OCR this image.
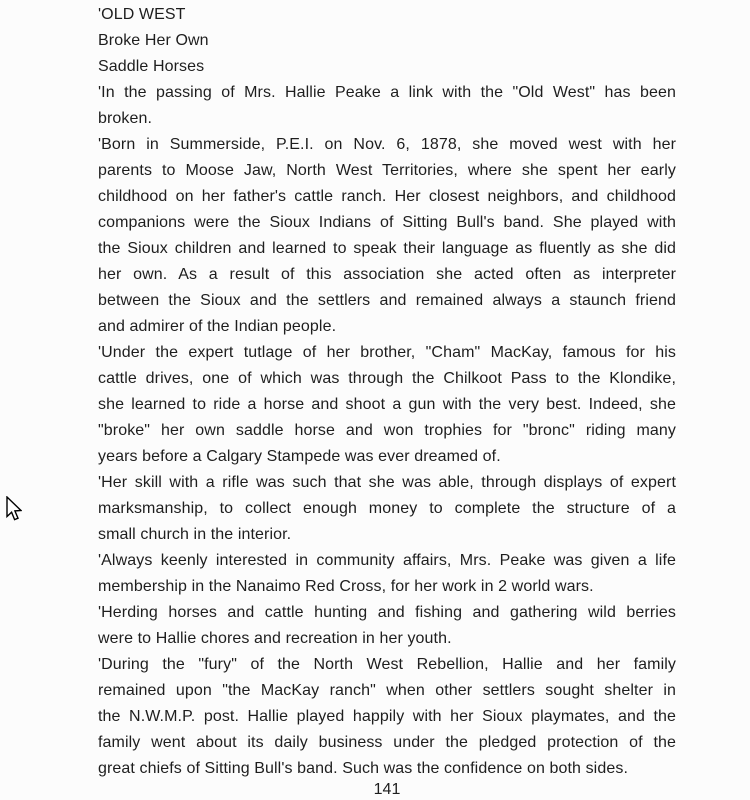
'OLD WEST
Broke Her Own
Saddle Horses
'In the passing of Mrs. Hallie Peake a link with the "Old West" has been
broken.
'Born in Summerside, P.E.I. on Nov. 6, 1878, she moved west with her
parents to Moose Jaw, North West Territories, where she spent her early
childhood on her father's cattle ranch. Her closest neighbors, and childhood
companions were the Sioux Indians of Sitting Bull's band. She played with
the Sioux children and learned to speak their language as fluently as she did
her own. As a result of this association she acted often as interpreter
between the Sioux and the settlers and remained always a staunch friend
and admirer of the Indian people.
'Under the expert tutlage of her brother, "Cham" MacKay, famous for his
cattle drives, one of which was through the Chilkoot Pass to the Klondike,
she learned to ride a horse and shoot a gun with the very best. Indeed, she
"broke" her own saddle horse and won trophies for "bronc" riding many
years before a Calgary Stampede was ever dreamed of.
'Her skill with a rifle was such that she was able, through displays of expert
marksmanship, to collect enough money to complete the structure of a
small church in the interior.
'Always keenly interested in community affairs, Mrs. Peake was given a life
membership in the Nanaimo Red Cross, for her work in 2 world wars.
'Herding horses and cattle hunting and fishing and gathering wild berries
were to Hallie chores and recreation in her youth.
'During the "fury" of the North West Rebellion, Hallie and her family
remained upon "the MacKay ranch" when other settlers sought shelter in
the N.W.M.P. post. Hallie played happily with her Sioux playmates, and the
family went about its daily business under the pledged protection of the
great chiefs of Sitting Bull's band. Such was the confidence on both sides.
141
